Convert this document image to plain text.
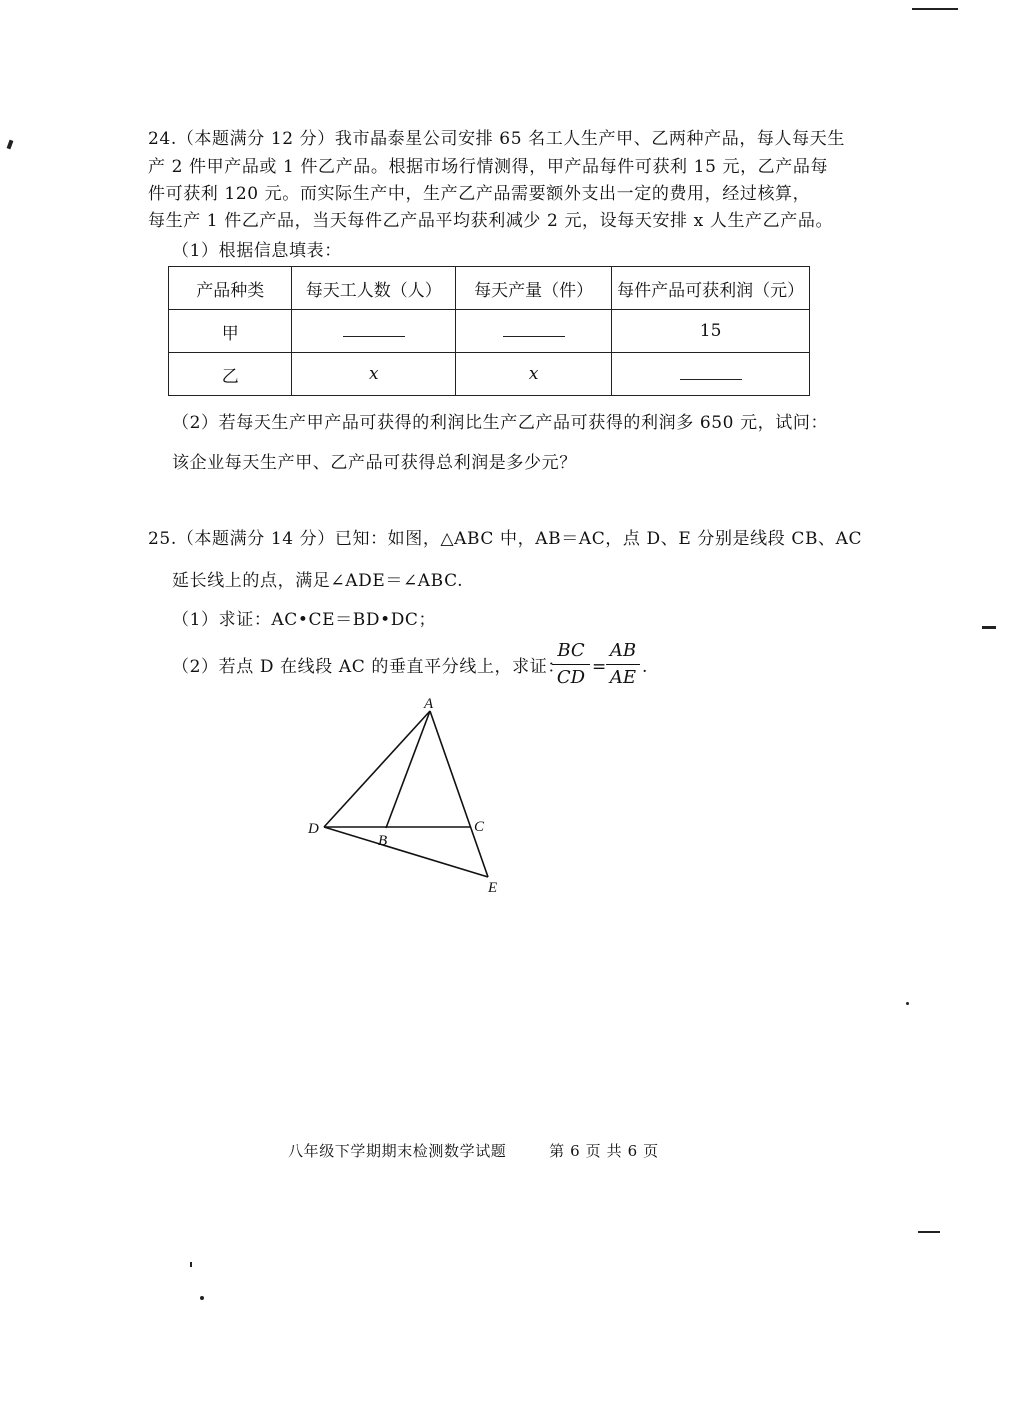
24.（本题满分 12 分）我市晶泰星公司安排 65 名工人生产甲、乙两种产品，每人每天生
产 2 件甲产品或 1 件乙产品。根据市场行情测得，甲产品每件可获利 15 元，乙产品每
件可获利 120 元。而实际生产中，生产乙产品需要额外支出一定的费用，经过核算，
每生产 1 件乙产品，当天每件乙产品平均获利减少 2 元，设每天安排 x 人生产乙产品。
（1）根据信息填表：
产品种类	每天工人数（人）	每天产量（件）	每件产品可获利润（元）
甲			15
乙	x	x	
（2）若每天生产甲产品可获得的利润比生产乙产品可获得的利润多 650 元，试问：
该企业每天生产甲、乙产品可获得总利润是多少元？
25.（本题满分 14 分）已知：如图，△ABC 中，AB＝AC，点 D、E 分别是线段 CB、AC
延长线上的点，满足∠ADE＝∠ABC.
（1）求证：AC•CE＝BD•DC；
（2）若点 D 在线段 AC 的垂直平分线上，求证：
BC
CD =
AB
AE .
A
D
B
C
E
八年级下学期期末检测数学试题	第 6 页 共 6 页
